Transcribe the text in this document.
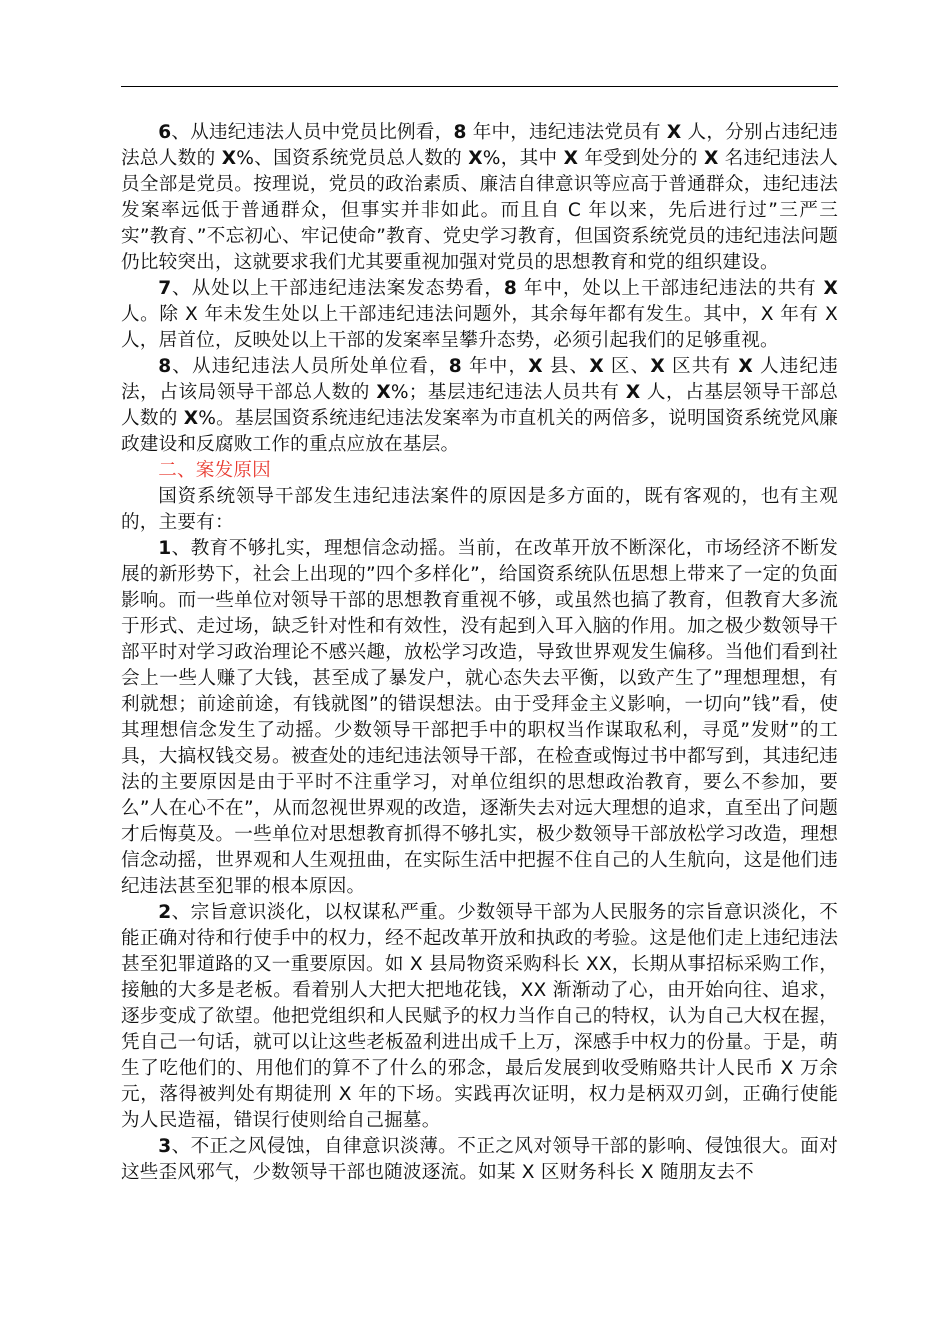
6、从违纪违法人员中党员比例看，8 年中，违纪违法党员有 X 人，分别占违纪违法总人数的 X%、国资系统党员总人数的 X%，其中 X 年受到处分的 X 名违纪违法人员全部是党员。按理说，党员的政治素质、廉洁自律意识等应高于普通群众，违纪违法发案率远低于普通群众，但事实并非如此。而且自 C 年以来，先后进行过”三严三实”教育、”不忘初心、牢记使命”教育、党史学习教育，但国资系统党员的违纪违法问题仍比较突出，这就要求我们尤其要重视加强对党员的思想教育和党的组织建设。

7、从处以上干部违纪违法案发态势看，8 年中，处以上干部违纪违法的共有 X 人。除 X 年未发生处以上干部违纪违法问题外，其余每年都有发生。其中，X 年有 X 人，居首位，反映处以上干部的发案率呈攀升态势，必须引起我们的足够重视。

8、从违纪违法人员所处单位看，8 年中，X 县、X 区、X 区共有 X 人违纪违法，占该局领导干部总人数的 X%；基层违纪违法人员共有 X 人，占基层领导干部总人数的 X%。基层国资系统违纪违法发案率为市直机关的两倍多，说明国资系统党风廉政建设和反腐败工作的重点应放在基层。

二、案发原因

国资系统领导干部发生违纪违法案件的原因是多方面的，既有客观的，也有主观的，主要有：

1、教育不够扎实，理想信念动摇。当前，在改革开放不断深化，市场经济不断发展的新形势下，社会上出现的”四个多样化”，给国资系统队伍思想上带来了一定的负面影响。而一些单位对领导干部的思想教育重视不够，或虽然也搞了教育，但教育大多流于形式、走过场，缺乏针对性和有效性，没有起到入耳入脑的作用。加之极少数领导干部平时对学习政治理论不感兴趣，放松学习改造，导致世界观发生偏移。当他们看到社会上一些人赚了大钱，甚至成了暴发户，就心态失去平衡，以致产生了”理想理想，有利就想；前途前途，有钱就图”的错误想法。由于受拜金主义影响，一切向”钱”看，使其理想信念发生了动摇。少数领导干部把手中的职权当作谋取私利，寻觅”发财”的工具，大搞权钱交易。被查处的违纪违法领导干部，在检查或悔过书中都写到，其违纪违法的主要原因是由于平时不注重学习，对单位组织的思想政治教育，要么不参加，要么”人在心不在”，从而忽视世界观的改造，逐渐失去对远大理想的追求，直至出了问题才后悔莫及。一些单位对思想教育抓得不够扎实，极少数领导干部放松学习改造，理想信念动摇，世界观和人生观扭曲，在实际生活中把握不住自己的人生航向，这是他们违纪违法甚至犯罪的根本原因。

2、宗旨意识淡化，以权谋私严重。少数领导干部为人民服务的宗旨意识淡化，不能正确对待和行使手中的权力，经不起改革开放和执政的考验。这是他们走上违纪违法甚至犯罪道路的又一重要原因。如 X 县局物资采购科长 XX，长期从事招标采购工作，接触的大多是老板。看着别人大把大把地花钱，XX 渐渐动了心，由开始向往、追求，逐步变成了欲望。他把党组织和人民赋予的权力当作自己的特权，认为自己大权在握，凭自己一句话，就可以让这些老板盈利进出成千上万，深感手中权力的份量。于是，萌生了吃他们的、用他们的算不了什么的邪念，最后发展到收受贿赂共计人民币 X 万余元，落得被判处有期徒刑 X 年的下场。实践再次证明，权力是柄双刃剑，正确行使能为人民造福，错误行使则给自己掘墓。

3、不正之风侵蚀，自律意识淡薄。不正之风对领导干部的影响、侵蚀很大。面对这些歪风邪气，少数领导干部也随波逐流。如某 X 区财务科长 X 随朋友去不
